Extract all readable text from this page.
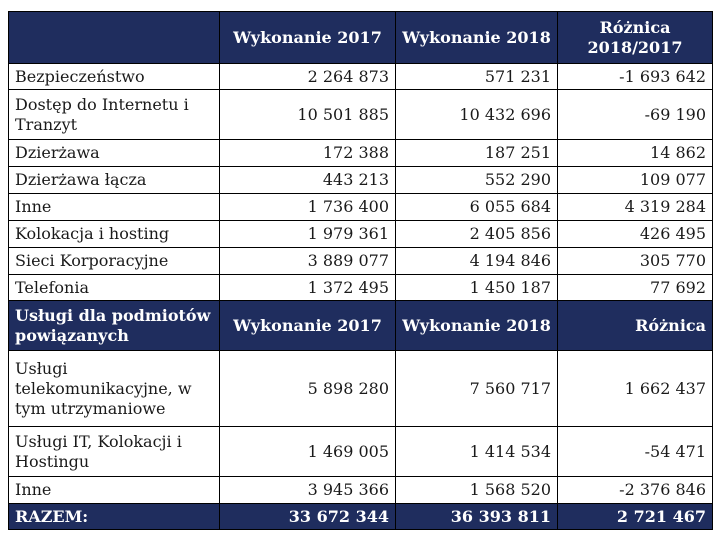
	Wykonanie 2017	Wykonanie 2018	Różnica 2018/2017
Bezpieczeństwo	2 264 873	571 231	-1 693 642
Dostęp do Internetu i Tranzyt	10 501 885	10 432 696	-69 190
Dzierżawa	172 388	187 251	14 862
Dzierżawa łącza	443 213	552 290	109 077
Inne	1 736 400	6 055 684	4 319 284
Kolokacja i hosting	1 979 361	2 405 856	426 495
Sieci Korporacyjne	3 889 077	4 194 846	305 770
Telefonia	1 372 495	1 450 187	77 692
Usługi dla podmiotów powiązanych	Wykonanie 2017	Wykonanie 2018	Różnica
Usługi telekomunikacyjne, w tym utrzymaniowe	5 898 280	7 560 717	1 662 437
Usługi IT, Kolokacji i Hostingu	1 469 005	1 414 534	-54 471
Inne	3 945 366	1 568 520	-2 376 846
RAZEM:	33 672 344	36 393 811	2 721 467
